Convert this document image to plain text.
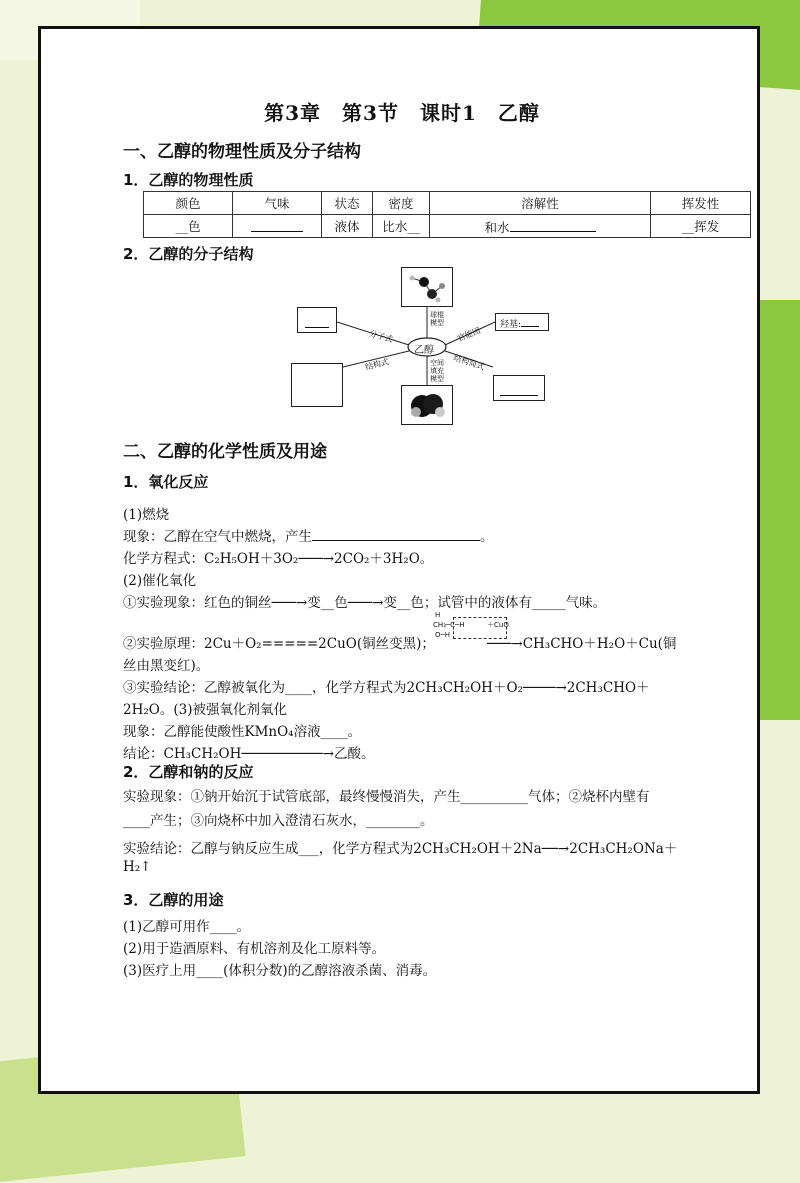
第3章　第3节　课时1　乙醇
一、乙醇的物理性质及分子结构
1．乙醇的物理性质
颜色	气味	状态	密度	溶解性	挥发性
__色		液体	比水__	和水	__挥发
2．乙醇的分子结构
羟基:
乙醇
球棍模型
空间填充模型
分子式
结构式
官能团
结构简式
二、乙醇的化学性质及用途
1．氧化反应
(1)燃烧
现象：乙醇在空气中燃烧，产生	。
化学方程式：C₂H₅OH＋3O₂───→2CO₂＋3H₂O。
(2)催化氧化
①实验现象：红色的铜丝───→变__色───→变__色；试管中的液体有_____气味。
②实验原理：2Cu＋O₂=====2CuO(铜丝变黑)；
H
CH₃─C─H
O─H
＋CuO
───→CH₃CHO＋H₂O＋Cu(铜
丝由黑变红)。
③实验结论：乙醇被氧化为____，化学方程式为2CH₃CH₂OH＋O₂────→2CH₃CHO＋
2H₂O。(3)被强氧化剂氧化
现象：乙醇能使酸性KMnO₄溶液____。
结论：CH₃CH₂OH──────────→乙酸。
2．乙醇和钠的反应
实验现象：①钠开始沉于试管底部，最终慢慢消失，产生__________气体；②烧杯内壁有
____产生；③向烧杯中加入澄清石灰水，________。
实验结论：乙醇与钠反应生成___，化学方程式为2CH₃CH₂OH＋2Na──→2CH₃CH₂ONa＋
H₂↑
3．乙醇的用途
(1)乙醇可用作____。
(2)用于造酒原料、有机溶剂及化工原料等。
(3)医疗上用____(体积分数)的乙醇溶液杀菌、消毒。
